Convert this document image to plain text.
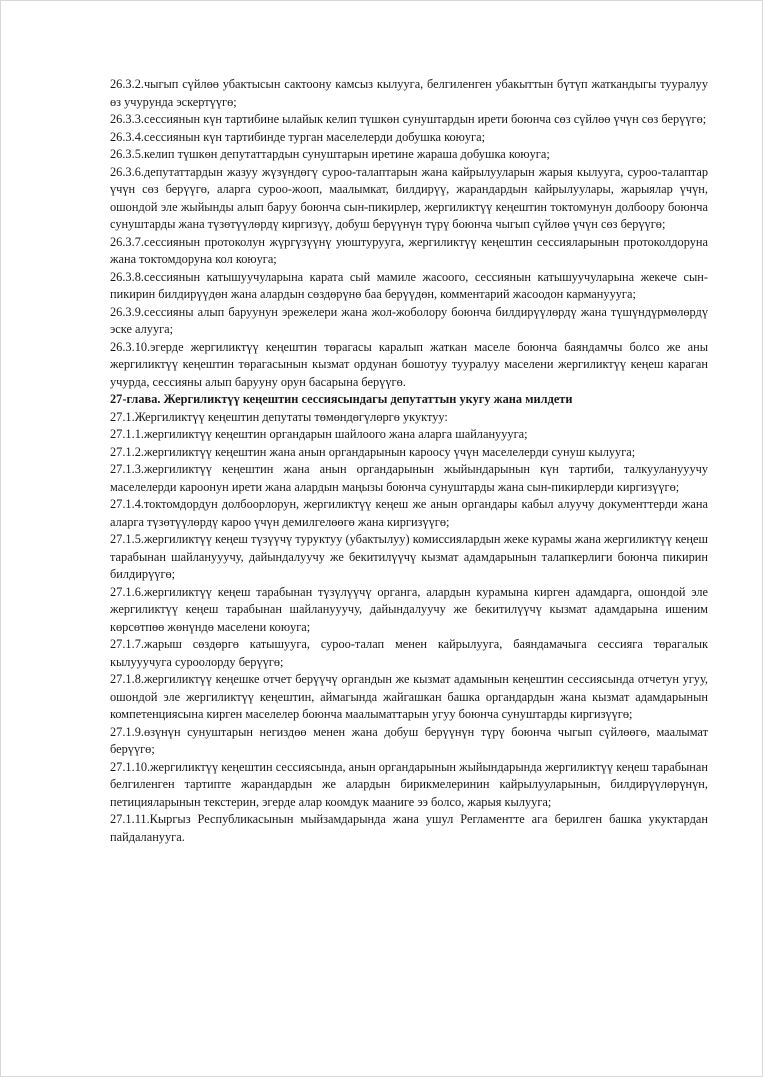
26.3.2.чыгып сүйлөө убактысын сактоону камсыз кылууга, белгиленген убакыттын бүтүп жаткандыгы тууралуу өз учурунда эскертүүгө;

26.3.3.сессиянын күн тартибине ылайык келип түшкөн сунуштардын ирети боюнча сөз сүйлөө үчүн сөз берүүгө;

26.3.4.сессиянын күн тартибинде турган маселелерди добушка коюуга;

26.3.5.келип түшкөн депутаттардын сунуштарын иретине жараша добушка коюуга;

26.3.6.депутаттардын жазуу жүзүндөгү суроо-талаптарын жана кайрылууларын жарыя кылууга, суроо-талаптар үчүн сөз берүүгө, аларга суроо-жооп, маалымкат, билдирүү, жарандардын кайрылуулары, жарыялар үчүн, ошондой эле жыйынды алып баруу боюнча сын-пикирлер, жергиликтүү кеңештин токтомунун долбоору боюнча сунуштарды жана түзөтүүлөрдү киргизүү, добуш берүүнүн түрү боюнча чыгып сүйлөө үчүн сөз берүүгө;

26.3.7.сессиянын протоколун жүргүзүүнү уюштурууга, жергиликтүү кеңештин сессияларынын протоколдоруна жана токтомдоруна кол коюуга;

26.3.8.сессиянын катышуучуларына карата сый мамиле жасоого, сессиянын катышуучуларына жекече сын-пикирин билдирүүдөн жана алардын сөздөрүнө баа берүүдөн, комментарий жасоодон кармануууга;

26.3.9.сессияны алып баруунун эрежелери жана жол-жоболору боюнча билдирүүлөрдү жана түшүндүрмөлөрдү эске алууга;

26.3.10.эгерде жергиликтүү кеңештин төрагасы каралып жаткан маселе боюнча баяндамчы болсо же аны жергиликтүү кеңештин төрагасынын кызмат ордунан бошотуу тууралуу маселени жергиликтүү кеңеш караган учурда, сессияны алып барууну орун басарына берүүгө.

27-глава. Жергиликтүү кеңештин сессиясындагы депутаттын укугу жана милдети

27.1.Жергиликтүү кеңештин депутаты төмөндөгүлөргө укуктуу:

27.1.1.жергиликтүү кеңештин органдарын шайлоого жана аларга шайлануууга;

27.1.2.жергиликтүү кеңештин жана анын органдарынын кароосу үчүн маселелерди сунуш кылууга;

27.1.3.жергиликтүү кеңештин жана анын органдарынын жыйындарынын күн тартиби, талкууланууучу маселелерди кароонун ирети жана алардын маңызы боюнча сунуштарды жана сын-пикирлерди киргизүүгө;

27.1.4.токтомдордун долбоорлорун, жергиликтүү кеңеш же анын органдары кабыл алуучу документтерди жана аларга түзөтүүлөрдү кароо үчүн демилгелөөгө жана киргизүүгө;

27.1.5.жергиликтүү кеңеш түзүүчү туруктуу (убактылуу) комиссиялардын жеке курамы жана жергиликтүү кеңеш тарабынан шайланууучу, дайындалуучу же бекитилүүчү кызмат адамдарынын талапкерлиги боюнча пикирин билдирүүгө;

27.1.6.жергиликтүү кеңеш тарабынан түзүлүүчү органга, алардын курамына кирген адамдарга, ошондой эле жергиликтүү кеңеш тарабынан шайланууучу, дайындалуучу же бекитилүүчү кызмат адамдарына ишеним көрсөтпөө жөнүндө маселени коюуга;

27.1.7.жарыш сөздөргө катышууга, суроо-талап менен кайрылууга, баяндамачыга сессияга төрагалык кылууучуга суроолорду берүүгө;

27.1.8.жергиликтүү кеңешке отчет берүүчү органдын же кызмат адамынын кеңештин сессиясында отчетун угуу, ошондой эле жергиликтүү кеңештин, аймагында жайгашкан башка органдардын жана кызмат адамдарынын компетенциясына кирген маселелер боюнча маалыматтарын угуу боюнча сунуштарды киргизүүгө;

27.1.9.өзүнүн сунуштарын негиздөө менен жана добуш берүүнүн түрү боюнча чыгып сүйлөөгө, маалымат берүүгө;

27.1.10.жергиликтүү кеңештин сессиясында, анын органдарынын жыйындарында жергиликтүү кеңеш тарабынан белгиленген тартипте жарандардын же алардын бирикмелеринин кайрылууларынын, билдирүүлөрүнүн, петицияларынын текстерин, эгерде алар коомдук мааниге ээ болсо, жарыя кылууга;

27.1.11.Кыргыз Республикасынын мыйзамдарында жана ушул Регламентте ага берилген башка укуктардан пайдаланууга.
